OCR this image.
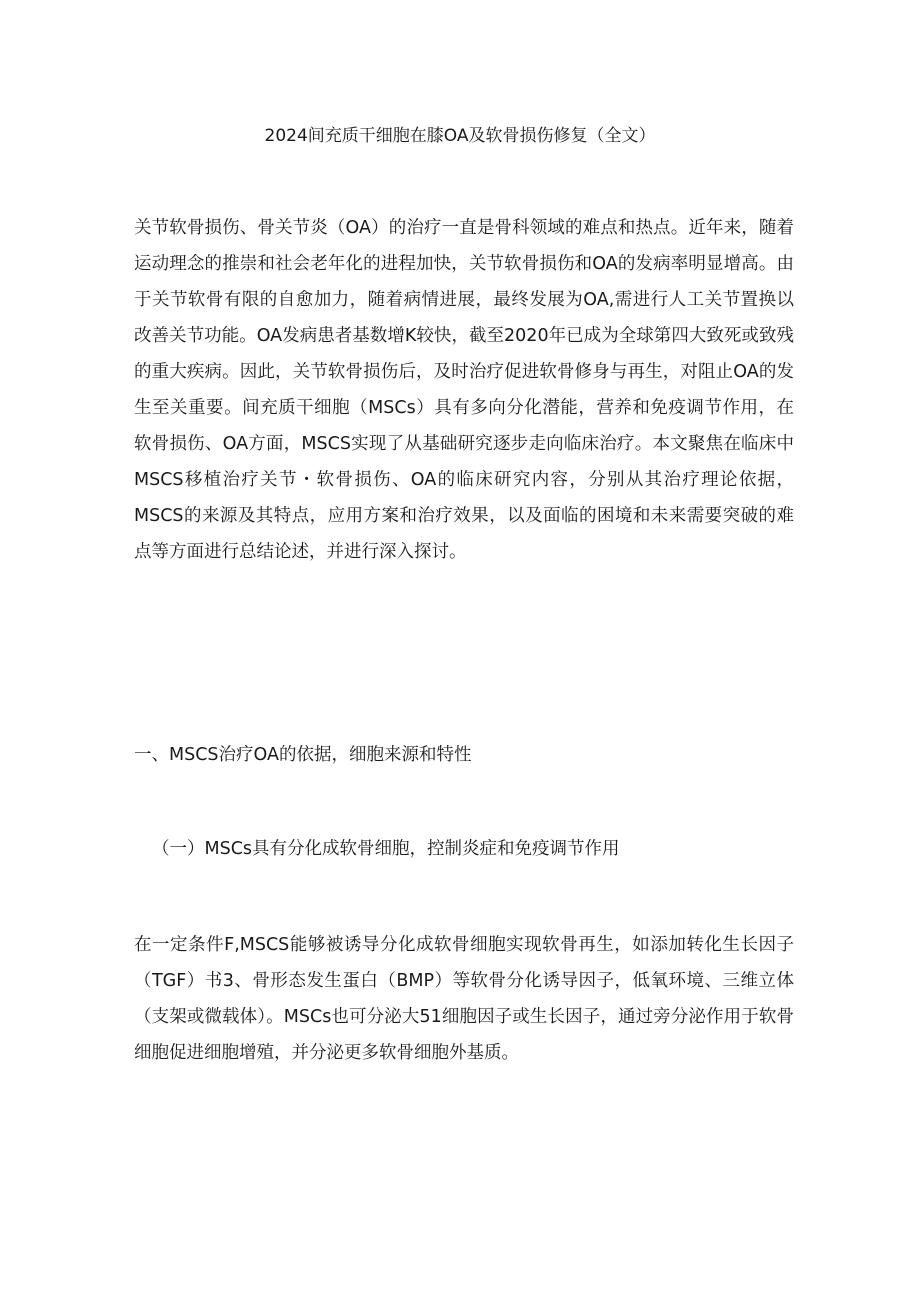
2024间充质干细胞在膝OA及软骨损伤修复（全文）

关节软骨损伤、骨关节炎（OA）的治疗一直是骨科领域的难点和热点。近年来，随着运动理念的推崇和社会老年化的进程加快，关节软骨损伤和OA的发病率明显增高。由于关节软骨有限的自愈加力，随着病情进展，最终发展为OA,需进行人工关节置换以改善关节功能。OA发病患者基数增K较快，截至2020年已成为全球第四大致死或致残的重大疾病。因此，关节软骨损伤后，及时治疗促进软骨修身与再生，对阻止OA的发生至关重要。间充质干细胞（MSCs）具有多向分化潜能，营养和免疫调节作用，在软骨损伤、OA方面，MSCS实现了从基础研究逐步走向临床治疗。本文聚焦在临床中MSCS移植治疗关节・软骨损伤、OA的临床研究内容，分别从其治疗理论依据，MSCS的来源及其特点，应用方案和治疗效果，以及面临的困境和未来需要突破的难点等方面进行总结论述，并进行深入探讨。

一、MSCS治疗OA的依据，细胞来源和特性
（一）MSCs具有分化成软骨细胞，控制炎症和免疫调节作用

在一定条件F,MSCS能够被诱导分化成软骨细胞实现软骨再生，如添加转化生长因子（TGF）书3、骨形态发生蛋白（BMP）等软骨分化诱导因子，低氧环境、三维立体（支架或微载体）。MSCs也可分泌大51细胞因子或生长因子，通过旁分泌作用于软骨细胞促进细胞增殖，并分泌更多软骨细胞外基质。
